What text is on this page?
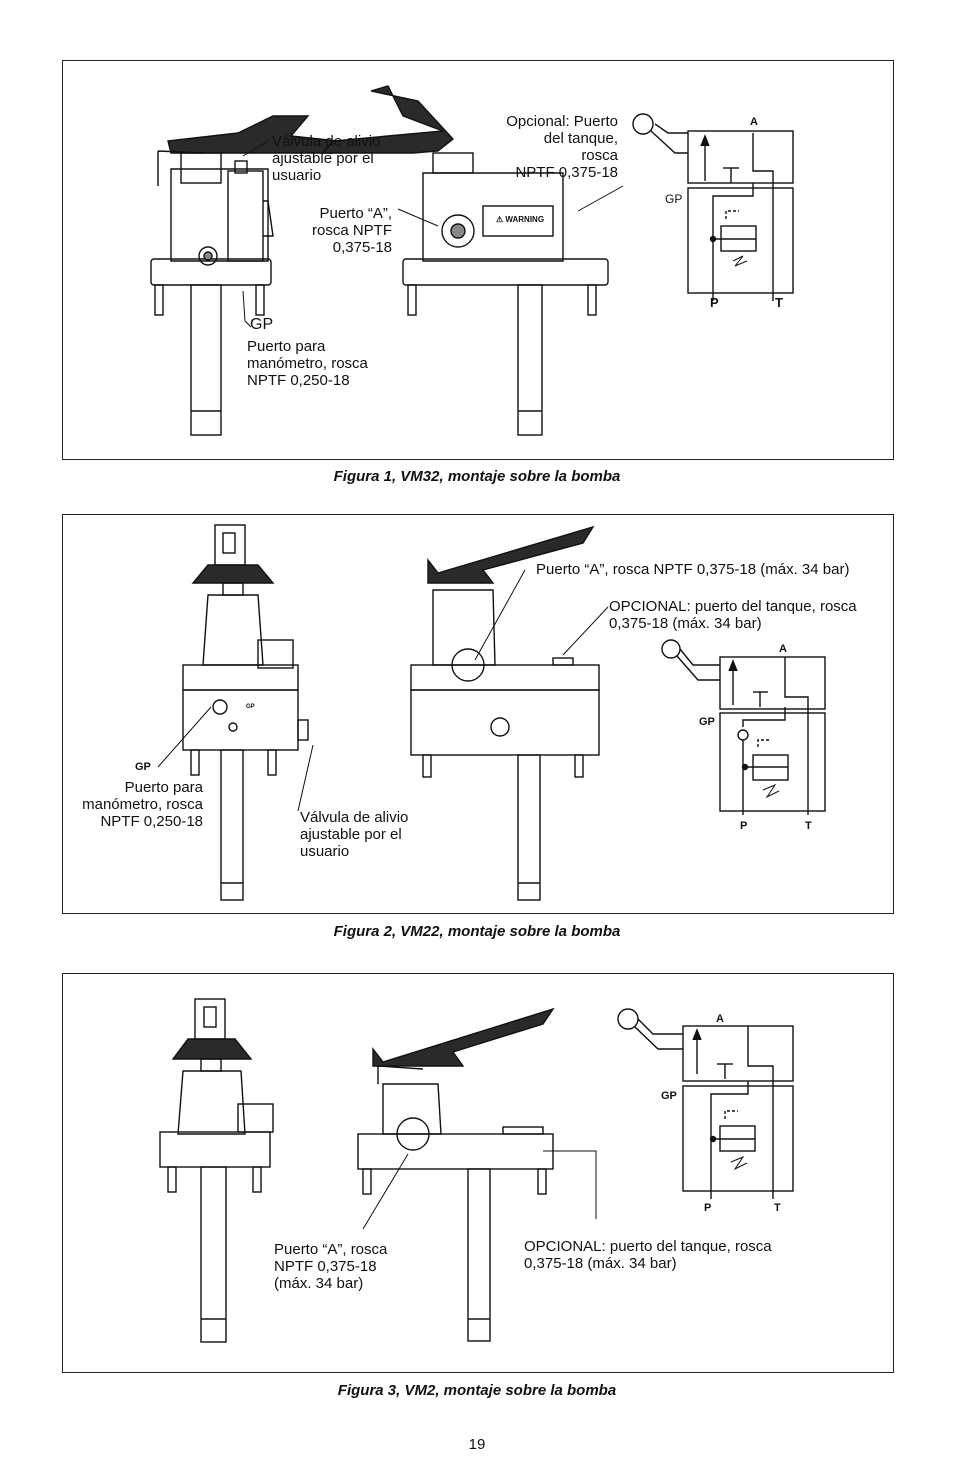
Válvula de alivio
ajustable por el
usuario
Puerto “A”,
rosca NPTF
0,375-18
Opcional: Puerto
del tanque,
rosca
NPTF 0,375-18
GP
Puerto para
manómetro, rosca
NPTF 0,250-18
⚠ WARNING
A
GP
P	T
Figura 1, VM32, montaje sobre la bomba
Puerto “A”, rosca NPTF 0,375-18 (máx. 34 bar)
OPCIONAL: puerto del tanque, rosca
0,375-18 (máx. 34 bar)
GP
GP
Puerto para
manómetro, rosca
NPTF 0,250-18	Válvula de alivio
ajustable por el
usuario
A
GP
P	T
Figura 2, VM22, montaje sobre la bomba
Puerto “A”, rosca
NPTF 0,375-18
(máx. 34 bar)
OPCIONAL: puerto del tanque, rosca
0,375-18 (máx. 34 bar)
A
GP
P	T
Figura 3, VM2, montaje sobre la bomba
19
